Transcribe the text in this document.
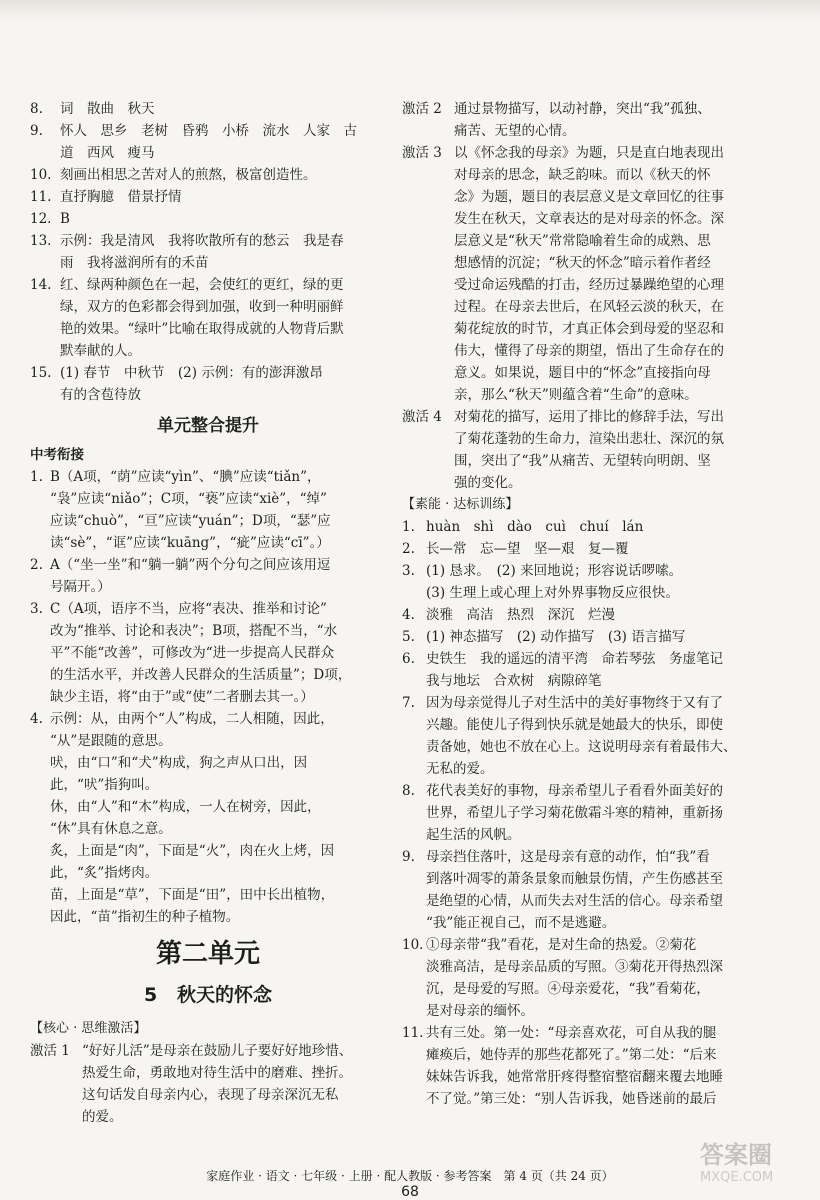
8.	词　散曲　秋天
9.	怀人　思乡　老树　昏鸦　小桥　流水　人家　古
道　西风　瘦马
10. 刻画出相思之苦对人的煎熬，极富创造性。
11. 直抒胸臆　借景抒情
12. B
13. 示例：我是清风　我将吹散所有的愁云　我是春
雨　我将滋润所有的禾苗
14. 红、绿两种颜色在一起，会使红的更红，绿的更
绿，双方的色彩都会得到加强，收到一种明丽鲜
艳的效果。“绿叶”比喻在取得成就的人物背后默
默奉献的人。
15. (1) 春节　中秋节　(2) 示例：有的澎湃激昂
有的含苞待放
单元整合提升
中考衔接
1. B（A项，“荫”应读“yìn”、“腆”应读“tiǎn”，
“袅”应读“niǎo”；C项，“亵”应读“xiè”，“绰”
应读“chuò”，“亘”应读“yuán”；D项，“瑟”应
读“sè”，“诓”应读“kuāng”，“疵”应读“cī”。）
2. A（“坐一坐”和“躺一躺”两个分句之间应该用逗
号隔开。）
3. C（A项，语序不当，应将“表决、推举和讨论”
改为“推举、讨论和表决”；B项，搭配不当，“水
平”不能“改善”，可修改为“进一步提高人民群众
的生活水平，并改善人民群众的生活质量”；D项，
缺少主语，将“由于”或“使”二者删去其一。）
4. 示例：从，由两个“人”构成，二人相随，因此，
“从”是跟随的意思。
吠，由“口”和“犬”构成，狗之声从口出，因
此，“吠”指狗叫。
休，由“人”和“木”构成，一人在树旁，因此，
“休”具有休息之意。
炙，上面是“肉”，下面是“火”，肉在火上烤，因
此，“炙”指烤肉。
苗，上面是“草”，下面是“田”，田中长出植物，
因此，“苗”指初生的种子植物。
第二单元
5 秋天的怀念
【核心 · 思维激活】
激活 1 “好好儿活”是母亲在鼓励儿子要好好地珍惜、
热爱生命，勇敢地对待生活中的磨难、挫折。
这句话发自母亲内心，表现了母亲深沉无私
的爱。
激活 2 通过景物描写，以动衬静，突出“我”孤独、
痛苦、无望的心情。
激活 3 以《怀念我的母亲》为题，只是直白地表现出
对母亲的思念，缺乏韵味。而以《秋天的怀
念》为题，题目的表层意义是文章回忆的往事
发生在秋天，文章表达的是对母亲的怀念。深
层意义是“秋天”常常隐喻着生命的成熟、思
想感情的沉淀；“秋天的怀念”暗示着作者经
受过命运残酷的打击，经历过暴躁绝望的心理
过程。在母亲去世后，在风轻云淡的秋天，在
菊花绽放的时节，才真正体会到母爱的坚忍和
伟大，懂得了母亲的期望，悟出了生命存在的
意义。如果说，题目中的“怀念”直接指向母
亲，那么“秋天”则蕴含着“生命”的意味。
激活 4 对菊花的描写，运用了排比的修辞手法，写出
了菊花蓬勃的生命力，渲染出悲壮、深沉的氛
围，突出了“我”从痛苦、无望转向明朗、坚
强的变化。
【素能 · 达标训练】
1. huàn　shì　dào　cuì　chuí　lán
2. 长—常　忘—望　坚—艰　复—覆
3. (1) 恳求。　(2) 来回地说；形容说话啰嗦。
(3) 生理上或心理上对外界事物反应很快。
4. 淡雅　高洁　热烈　深沉　烂漫
5. (1) 神态描写　(2) 动作描写　(3) 语言描写
6. 史铁生　我的遥远的清平湾　命若琴弦　务虚笔记
我与地坛　合欢树　病隙碎笔
7. 因为母亲觉得儿子对生活中的美好事物终于又有了
兴趣。能使儿子得到快乐就是她最大的快乐，即使
责备她，她也不放在心上。这说明母亲有着最伟大、
无私的爱。
8. 花代表美好的事物，母亲希望儿子看看外面美好的
世界，希望儿子学习菊花傲霜斗寒的精神，重新扬
起生活的风帆。
9. 母亲挡住落叶，这是母亲有意的动作，怕“我”看
到落叶凋零的萧条景象而触景伤情，产生伤感甚至
是绝望的心情，从而失去对生活的信心。母亲希望
“我”能正视自己，而不是逃避。
10. ①母亲带“我”看花，是对生命的热爱。②菊花
淡雅高洁，是母亲品质的写照。③菊花开得热烈深
沉，是母爱的写照。④母亲爱花，“我”看菊花，
是对母亲的缅怀。
11. 共有三处。第一处：“母亲喜欢花，可自从我的腿
瘫痪后，她侍弄的那些花都死了。”第二处：“后来
妹妹告诉我，她常常肝疼得整宿整宿翻来覆去地睡
不了觉。”第三处：“别人告诉我，她昏迷前的最后
家庭作业 · 语文 · 七年级 · 上册 · 配人教版 · 参考答案　第 4 页（共 24 页）
68
答案圈
MXQE.COM
